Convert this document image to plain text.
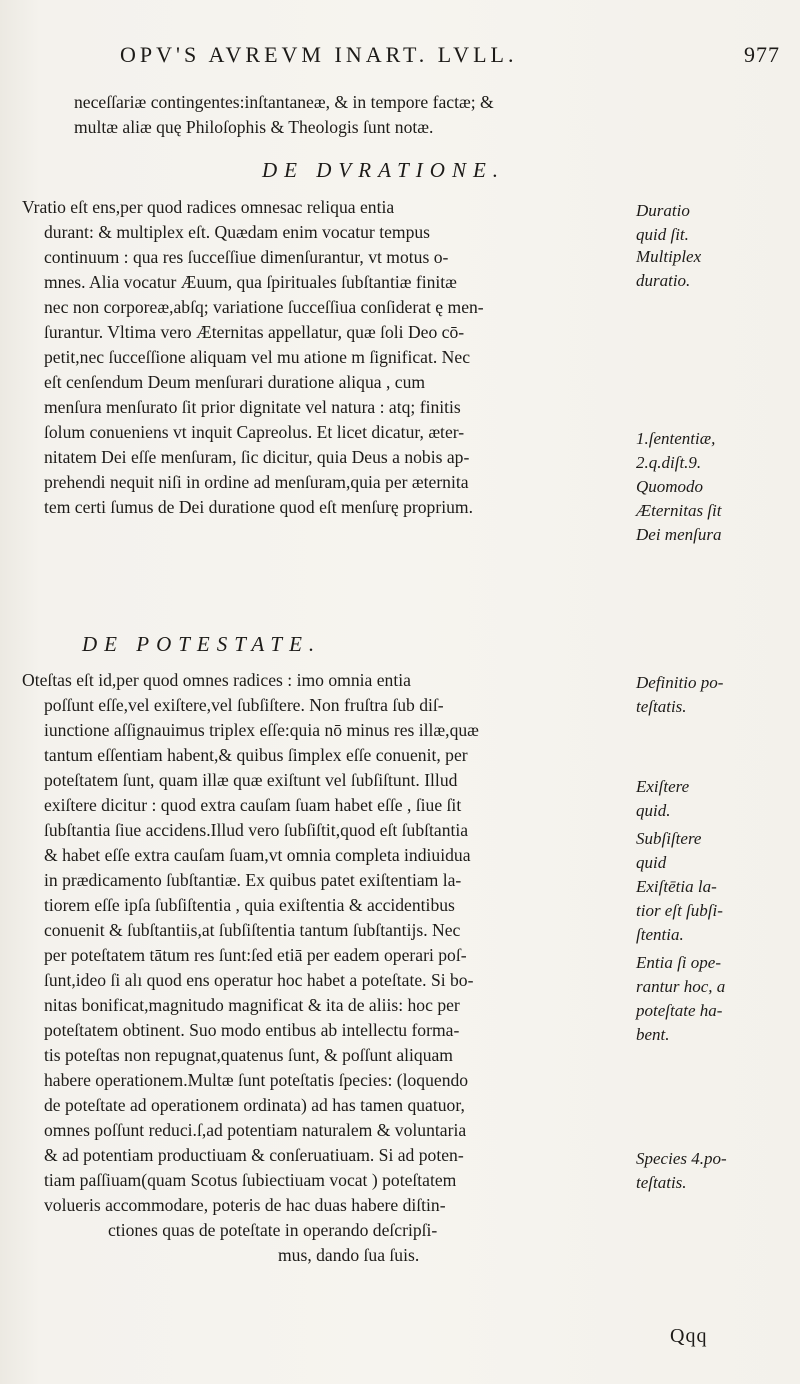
OPV'S AVREVM INART. LVLL.	977
neceſſariæ contingentes:inſtantaneæ, & in tempore factæ; &
multæ aliæ quę Philoſophis & Theologis ſunt notæ.
DE DVRATIONE.
Vratio eſt ens,per quod radices omnesac reliqua entia
durant: & multiplex eſt. Quædam enim vocatur tempus
continuum : qua res ſucceſſiue dimenſurantur, vt motus o-
mnes. Alia vocatur Æuum, qua ſpirituales ſubſtantiæ finitæ
nec non corporeæ,abſq; variatione ſucceſſiua conſiderat ę men-
ſurantur. Vltima vero Æternitas appellatur, quæ ſoli Deo cō-
petit,nec ſucceſſione aliquam vel mu atione m ſignificat. Nec
eſt cenſendum Deum menſurari duratione aliqua , cum
menſura menſurato ſit prior dignitate vel natura : atq; finitis
ſolum conueniens vt inquit Capreolus. Et licet dicatur, æter-
nitatem Dei eſſe menſuram, ſic dicitur, quia Deus a nobis ap-
prehendi nequit niſi in ordine ad menſuram,quia per æternita
tem certi ſumus de Dei duratione quod eſt menſurę proprium.
DE POTESTATE.
Oteſtas eſt id,per quod omnes radices : imo omnia entia
poſſunt eſſe,vel exiſtere,vel ſubſiſtere. Non fruſtra ſub diſ-
iunctione aſſignauimus triplex eſſe:quia nō minus res illæ,quæ
tantum eſſentiam habent,& quibus ſimplex eſſe conuenit, per
poteſtatem ſunt, quam illæ quæ exiſtunt vel ſubſiſtunt. Illud
exiſtere dicitur : quod extra cauſam ſuam habet eſſe , ſiue ſit
ſubſtantia ſiue accidens.Illud vero ſubſiſtit,quod eſt ſubſtantia
& habet eſſe extra cauſam ſuam,vt omnia completa indiuidua
in prædicamento ſubſtantiæ. Ex quibus patet exiſtentiam la-
tiorem eſſe ipſa ſubſiſtentia , quia exiſtentia & accidentibus
conuenit & ſubſtantiis,at ſubſiſtentia tantum ſubſtantijs. Nec
per poteſtatem tātum res ſunt:ſed etiā per eadem operari poſ-
ſunt,ideo ſi alı quod ens operatur hoc habet a poteſtate. Si bo-
nitas bonificat,magnitudo magnificat & ita de aliis: hoc per
poteſtatem obtinent. Suo modo entibus ab intellectu forma-
tis poteſtas non repugnat,quatenus ſunt, & poſſunt aliquam
habere operationem.Multæ ſunt poteſtatis ſpecies: (loquendo
de poteſtate ad operationem ordinata) ad has tamen quatuor,
omnes poſſunt reduci.ſ,ad potentiam naturalem & voluntaria
& ad potentiam productiuam & conſeruatiuam. Si ad poten-
tiam paſſiuam(quam Scotus ſubiectiuam vocat ) poteſtatem
volueris accommodare, poteris de hac duas habere diſtin-
ctiones quas de poteſtate in operando deſcripſi-
mus, dando ſua ſuis.
Duratio
quid ſit.
Multiplex
duratio.
1.ſententiæ,
2.q.diſt.9.
Quomodo
Æternitas ſit
Dei menſura
Definitio po-
teſtatis.
Exiſtere
quid.
Subſiſtere
quid
Exiſtētia la-
tior eſt ſubſi-
ſtentia.
Entia ſi ope-
rantur hoc, a
poteſtate ha-
bent.
Species 4.po-
teſtatis.
Qqq
